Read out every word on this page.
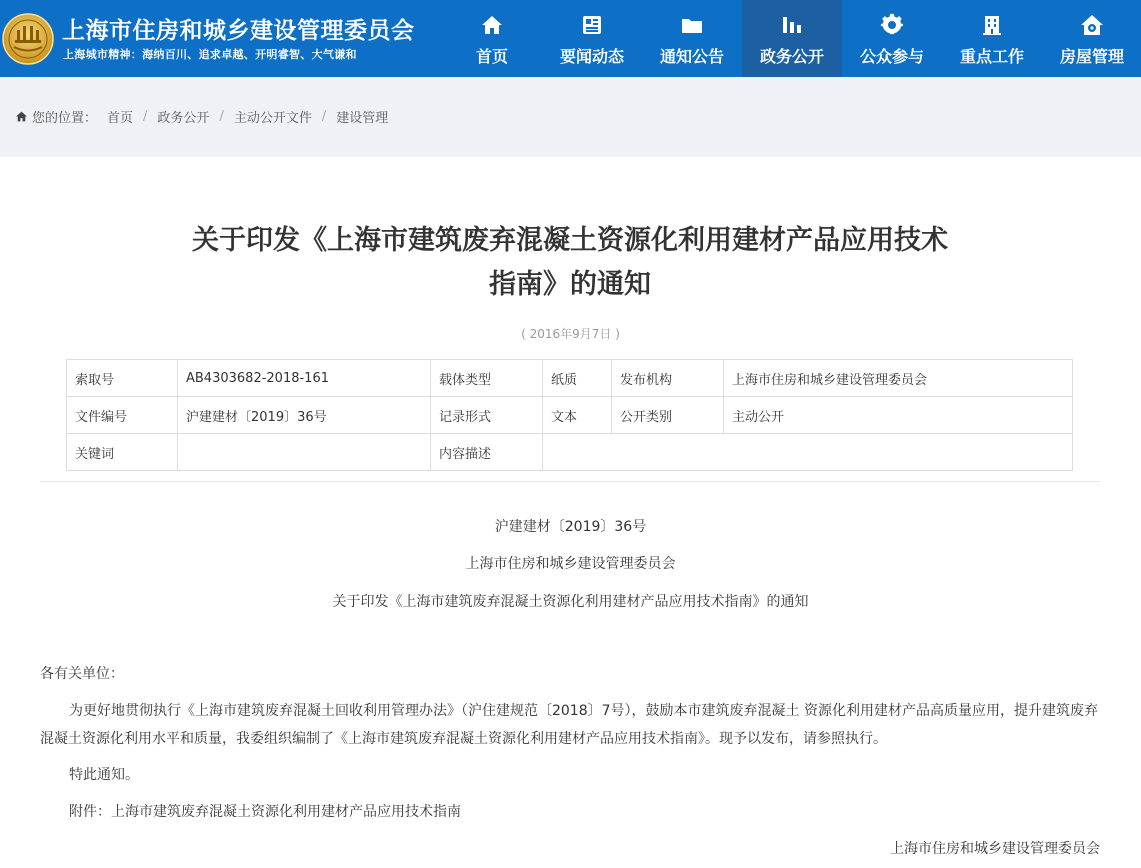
上海市住房和城乡建设管理委员会
上海城市精神：海纳百川、追求卓越、开明睿智、大气谦和	首页	要闻动态 通知公告 政务公开 公众参与 重点工作 房屋管理
您的位置： 首页 / 政务公开 / 主动公开文件 / 建设管理
关于印发《上海市建筑废弃混凝土资源化利用建材产品应用技术
指南》的通知
( 2016年9月7日 )
索取号	AB4303682-2018-161	载体类型	纸质	发布机构	上海市住房和城乡建设管理委员会
文件编号	沪建建材〔2019〕36号	记录形式	文本	公开类别	主动公开
关键词		内容描述			
沪建建材〔2019〕36号
上海市住房和城乡建设管理委员会
关于印发《上海市建筑废弃混凝土资源化利用建材产品应用技术指南》的通知
各有关单位：
为更好地贯彻执行《上海市建筑废弃混凝土回收利用管理办法》（沪住建规范〔2018〕7号），鼓励本市建筑废弃混凝土 资源化利用建材产品高质量应用，提升建筑废弃混凝土资源化利用水平和质量，我委组织编制了《上海市建筑废弃混凝土资源化利用建材产品应用技术指南》。现予以发布，请参照执行。
特此通知。
附件：上海市建筑废弃混凝土资源化利用建材产品应用技术指南
上海市住房和城乡建设管理委员会
